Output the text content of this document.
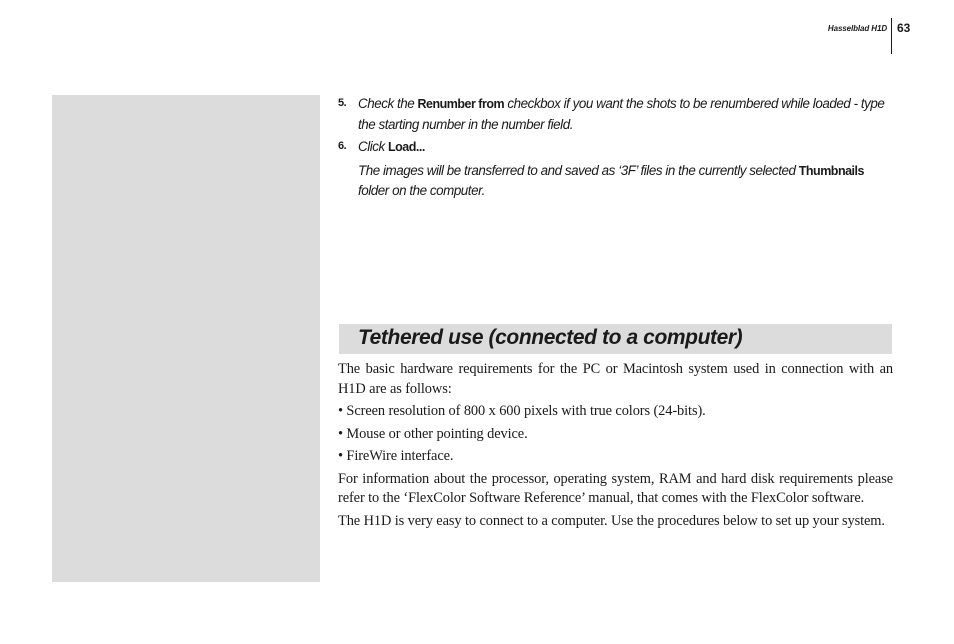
Hasselblad H1D 63
5. Check the Renumber from checkbox if you want the shots to be renumbered while loaded - type the starting number in the number field.
6. Click Load...
The images will be transferred to and saved as ‘3F’ files in the currently selected Thumbnails folder on the computer.
Tethered use (connected to a computer)

The basic hardware requirements for the PC or Macintosh system used in connection with an H1D are as follows:

• Screen resolution of 800 x 600 pixels with true colors (24-bits).

• Mouse or other pointing device.

• FireWire interface.

For information about the processor, operating system, RAM and hard disk requirements please refer to the ‘FlexColor Software Reference’ manual, that comes with the FlexColor software.

The H1D is very easy to connect to a computer. Use the procedures below to set up your system.
